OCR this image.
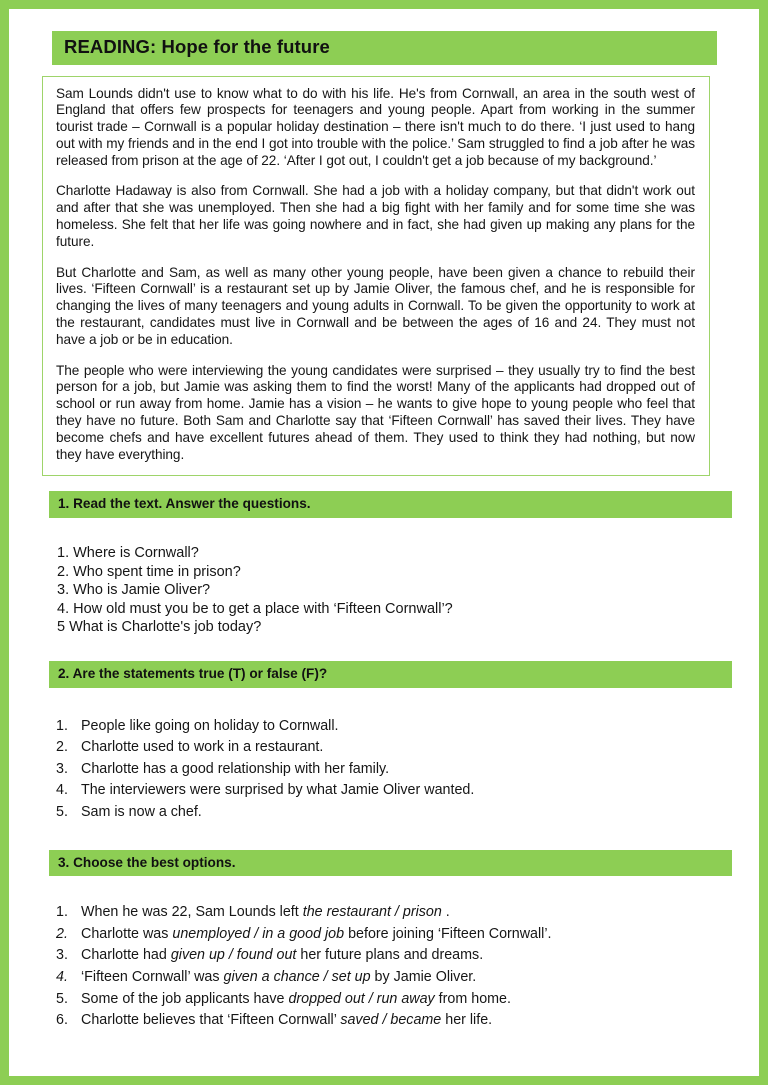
READING: Hope for the future

Sam Lounds didn't use to know what to do with his life. He's from Cornwall, an area in the south west of England that offers few prospects for teenagers and young people. Apart from working in the summer tourist trade – Cornwall is a popular holiday destination – there isn't much to do there. ‘I just used to hang out with my friends and in the end I got into trouble with the police.’ Sam struggled to find a job after he was released from prison at the age of 22. ‘After I got out, I couldn't get a job because of my background.’

Charlotte Hadaway is also from Cornwall. She had a job with a holiday company, but that didn't work out and after that she was unemployed. Then she had a big fight with her family and for some time she was homeless. She felt that her life was going nowhere and in fact, she had given up making any plans for the future.

But Charlotte and Sam, as well as many other young people, have been given a chance to rebuild their lives. ‘Fifteen Cornwall’ is a restaurant set up by Jamie Oliver, the famous chef, and he is responsible for changing the lives of many teenagers and young adults in Cornwall. To be given the opportunity to work at the restaurant, candidates must live in Cornwall and be between the ages of 16 and 24. They must not have a job or be in education.

The people who were interviewing the young candidates were surprised – they usually try to find the best person for a job, but Jamie was asking them to find the worst! Many of the applicants had dropped out of school or run away from home. Jamie has a vision – he wants to give hope to young people who feel that they have no future. Both Sam and Charlotte say that ‘Fifteen Cornwall’ has saved their lives. They have become chefs and have excellent futures ahead of them. They used to think they had nothing, but now they have everything.

1. Read the text. Answer the questions.
1. Where is Cornwall?
2. Who spent time in prison?
3. Who is Jamie Oliver?
4. How old must you be to get a place with ‘Fifteen Cornwall’?
5 What is Charlotte's job today?
2. Are the statements true (T) or false (F)?
1. People like going on holiday to Cornwall.
2. Charlotte used to work in a restaurant.
3. Charlotte has a good relationship with her family.
4. The interviewers were surprised by what Jamie Oliver wanted.
5. Sam is now a chef.
3. Choose the best options.
1. When he was 22, Sam Lounds left the restaurant / prison .
2. Charlotte was unemployed / in a good job before joining ‘Fifteen Cornwall’.
3. Charlotte had given up / found out her future plans and dreams.
4. ‘Fifteen Cornwall’ was given a chance / set up by Jamie Oliver.
5. Some of the job applicants have dropped out / run away from home.
6. Charlotte believes that ‘Fifteen Cornwall’ saved / became her life.
